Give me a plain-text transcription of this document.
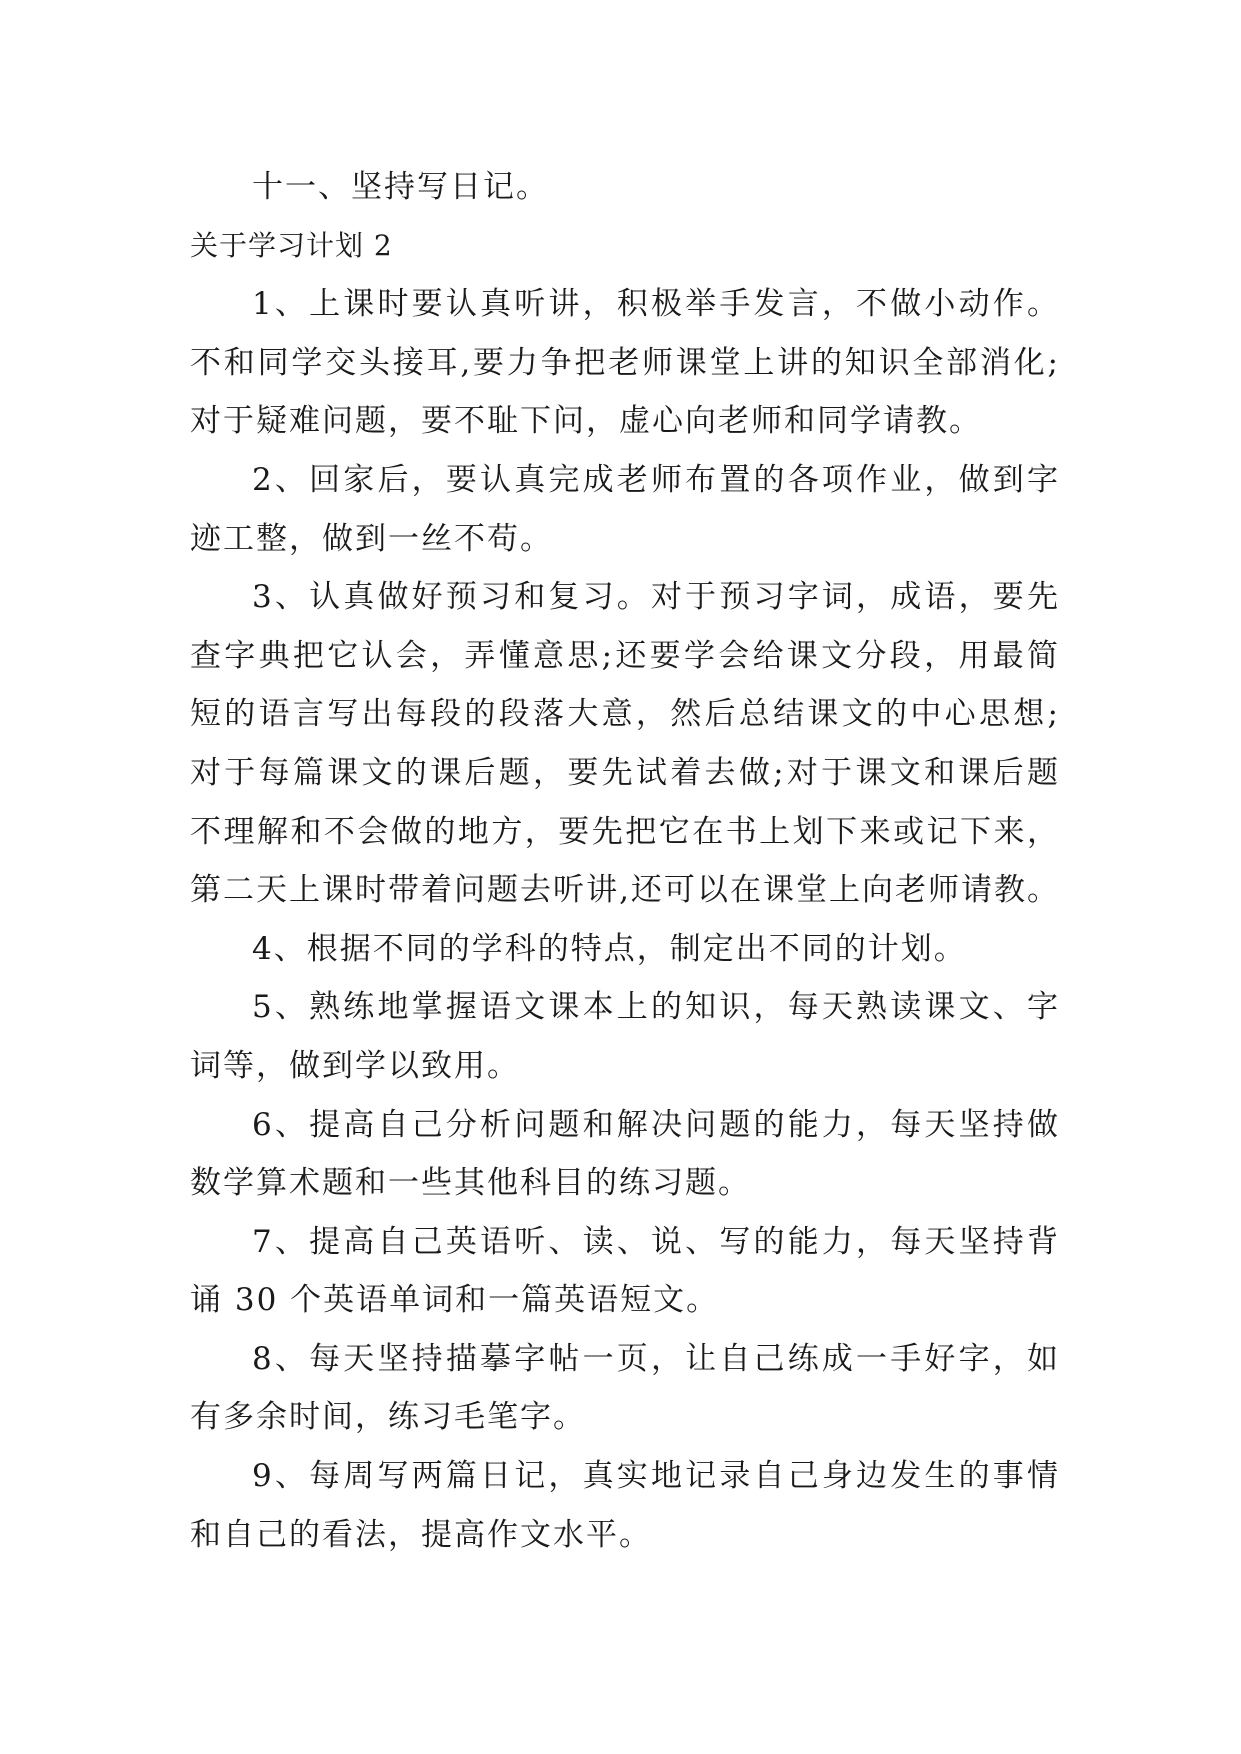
十一、坚持写日记。
关于学习计划 2
1、上课时要认真听讲，积极举手发言，不做小动作。
不和同学交头接耳,要力争把老师课堂上讲的知识全部消化;
对于疑难问题，要不耻下问，虚心向老师和同学请教。
2、回家后，要认真完成老师布置的各项作业，做到字
迹工整，做到一丝不苟。
3、认真做好预习和复习。对于预习字词，成语，要先
查字典把它认会，弄懂意思;还要学会给课文分段，用最简
短的语言写出每段的段落大意，然后总结课文的中心思想;
对于每篇课文的课后题，要先试着去做;对于课文和课后题
不理解和不会做的地方，要先把它在书上划下来或记下来，
第二天上课时带着问题去听讲,还可以在课堂上向老师请教。
4、根据不同的学科的特点，制定出不同的计划。
5、熟练地掌握语文课本上的知识，每天熟读课文、字
词等，做到学以致用。
6、提高自己分析问题和解决问题的能力，每天坚持做
数学算术题和一些其他科目的练习题。
7、提高自己英语听、读、说、写的能力，每天坚持背
诵 30 个英语单词和一篇英语短文。
8、每天坚持描摹字帖一页，让自己练成一手好字，如
有多余时间，练习毛笔字。
9、每周写两篇日记，真实地记录自己身边发生的事情
和自己的看法，提高作文水平。
